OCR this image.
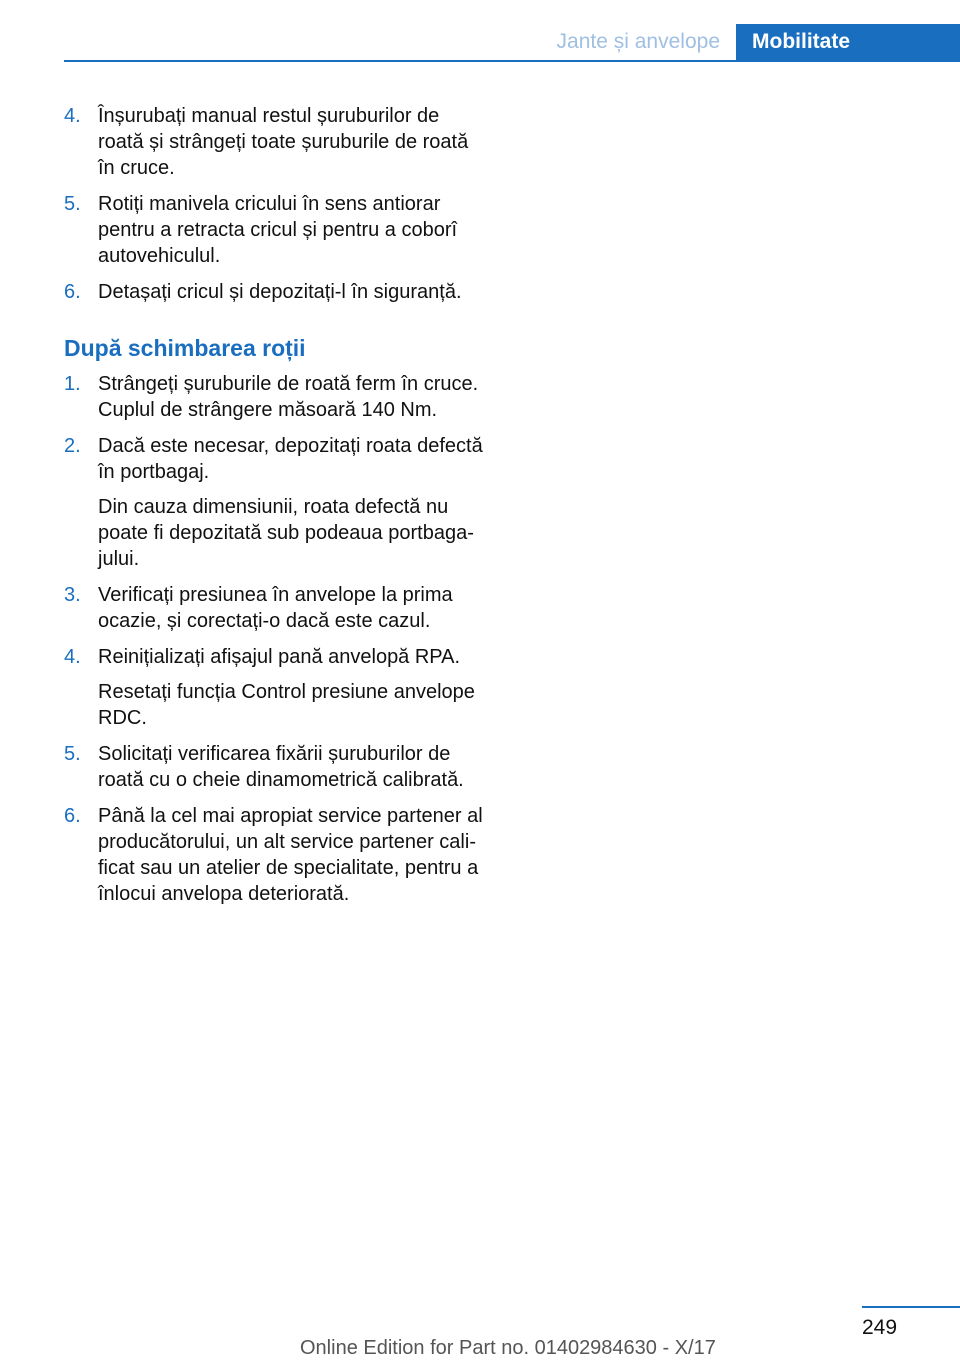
Jante și anvelope Mobilitate
4. Înșurubați manual restul șuruburilor de roată și strângeți toate șuruburile de roată în cruce.

5. Rotiți manivela cricului în sens antiorar pentru a retracta cricul și pentru a coborî autovehiculul.

6. Detașați cricul și depozitați-l în siguranță.

După schimbarea roții
1. Strângeți șuruburile de roată ferm în cruce. Cuplul de strângere măsoară 140 Nm.

2. Dacă este necesar, depozitați roata defectă în portbagaj.

Din cauza dimensiunii, roata defectă nu poate fi depozitată sub podeaua portbagajului.

3. Verificați presiunea în anvelope la prima ocazie, și corectați-o dacă este cazul.

4. Reinițializați afișajul pană anvelopă RPA.

Resetați funcția Control presiune anvelope RDC.

5. Solicitați verificarea fixării șuruburilor de roată cu o cheie dinamometrică calibrată.

6. Până la cel mai apropiat service partener al producătorului, un alt service partener calificat sau un atelier de specialitate, pentru a înlocui anvelopa deteriorată.

249
Online Edition for Part no. 01402984630 - X/17
